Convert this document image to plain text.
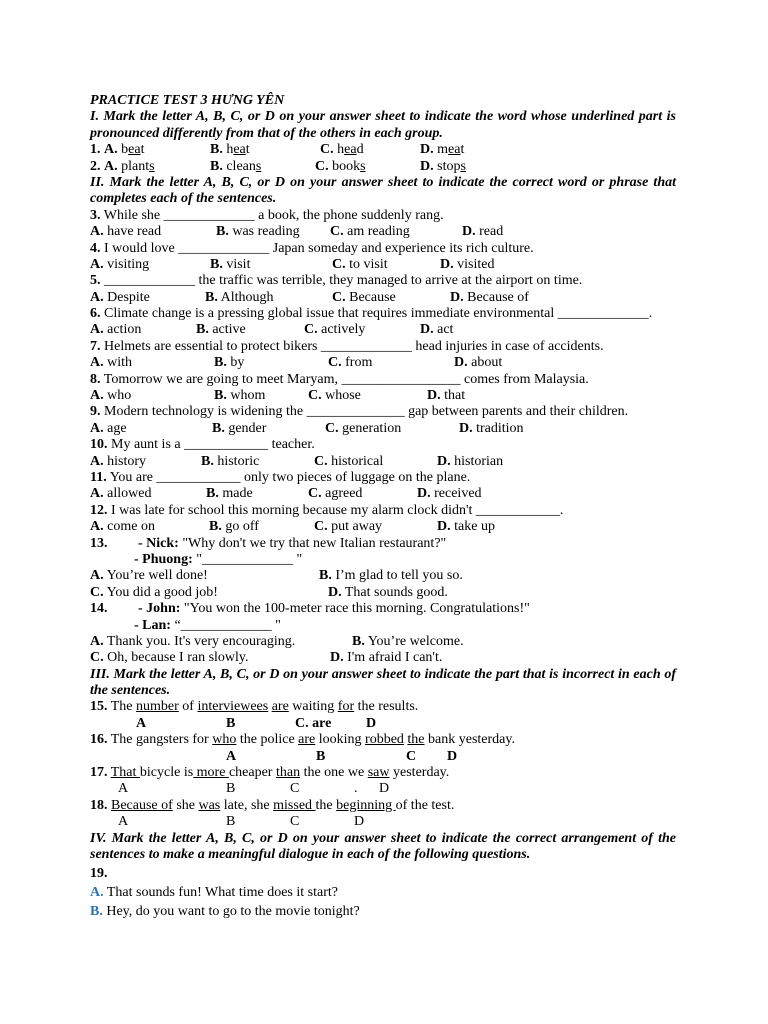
PRACTICE TEST 3 HƯNG YÊN
I. Mark the letter A, B, C, or D on your answer sheet to indicate the word whose underlined part is
pronounced differently from that of the others in each group.
1. A. beat	B. heat	C. head	D. meat
2. A. plants	B. cleans	C. books	D. stops
II. Mark the letter A, B, C, or D on your answer sheet to indicate the correct word or phrase that
completes each of the sentences.
3. While she _____________ a book, the phone suddenly rang.
A. have read	B. was reading C. am reading	D. read
4. I would love _____________ Japan someday and experience its rich culture.
A. visiting	B. visit	C. to visit	D. visited
5. _____________ the traffic was terrible, they managed to arrive at the airport on time.
A. Despite	B. Although	C. Because	D. Because of
6. Climate change is a pressing global issue that requires immediate environmental _____________.
A. action	B. active	C. actively	D. act
7. Helmets are essential to protect bikers _____________ head injuries in case of accidents.
A. with	B. by	C. from	D. about
8. Tomorrow we are going to meet Maryam, _________________ comes from Malaysia.
A. who	B. whom	C. whose	D. that
9. Modern technology is widening the ______________ gap between parents and their children.
A. age	B. gender	C. generation	D. tradition
10. My aunt is a ____________ teacher.
A. history	B. historic	C. historical	D. historian
11. You are ____________ only two pieces of luggage on the plane.
A. allowed	B. made	C. agreed	D. received
12. I was late for school this morning because my alarm clock didn't ____________.
A. come on	B. go off	C. put away	D. take up
13. - Nick: "Why don't we try that new Italian restaurant?"
- Phuong: "_____________ "
A. You’re well done!	B. I’m glad to tell you so.
C. You did a good job!	D. That sounds good.
14. - John: "You won the 100-meter race this morning. Congratulations!"
- Lan: “_____________ "
A. Thank you. It's very encouraging.	B. You’re welcome.
C. Oh, because I ran slowly.	D. I'm afraid I can't.
III. Mark the letter A, B, C, or D on your answer sheet to indicate the part that is incorrect in each of
the sentences.
15. The number of interviewees are waiting for the results.
A	B	C. are D
16. The gangsters for who the police are looking robbed the bank yesterday.
A	B	C D
17. That bicycle is more cheaper than the one we saw yesterday.
A	B	C	. D
18. Because of she was late, she missed the beginning of the test.
A	B	C	D
IV. Mark the letter A, B, C, or D on your answer sheet to indicate the correct arrangement of the
sentences to make a meaningful dialogue in each of the following questions.
19.
A. That sounds fun! What time does it start?
B. Hey, do you want to go to the movie tonight?
